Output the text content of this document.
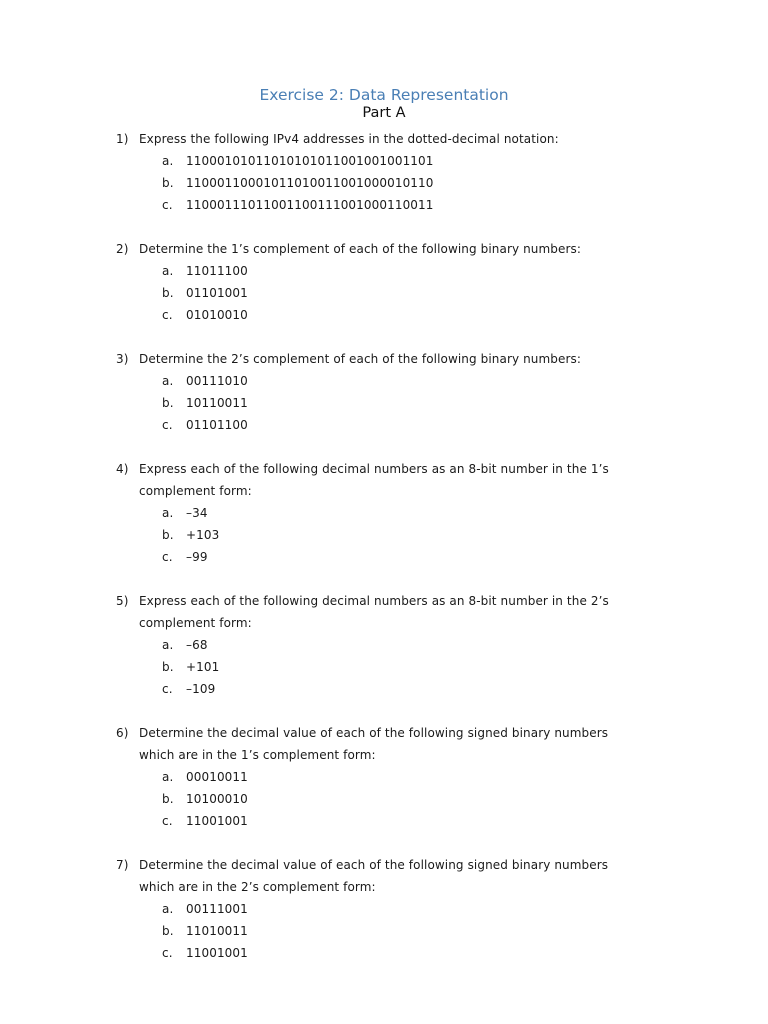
Exercise 2: Data Representation
Part A
1) Express the following IPv4 addresses in the dotted-decimal notation:
a. 11000101011010101011001001001101
b. 11000110001011010011001000010110
c. 11000111011001100111001000110011
2) Determine the 1’s complement of each of the following binary numbers:
a. 11011100
b. 01101001
c. 01010010
3) Determine the 2’s complement of each of the following binary numbers:
a. 00111010
b. 10110011
c. 01101100
4) Express each of the following decimal numbers as an 8-bit number in the 1’s
complement form:
a. –34
b. +103
c. –99
5) Express each of the following decimal numbers as an 8-bit number in the 2’s
complement form:
a. –68
b. +101
c. –109
6) Determine the decimal value of each of the following signed binary numbers
which are in the 1’s complement form:
a. 00010011
b. 10100010
c. 11001001
7) Determine the decimal value of each of the following signed binary numbers
which are in the 2’s complement form:
a. 00111001
b. 11010011
c. 11001001
